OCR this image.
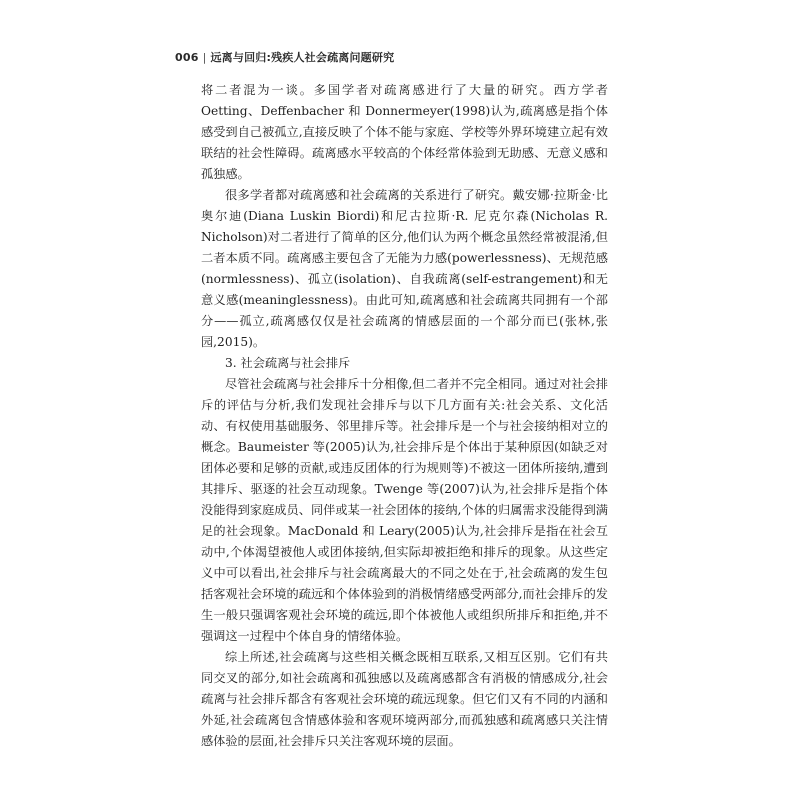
006 | 远离与回归:残疾人社会疏离问题研究

将二者混为一谈。多国学者对疏离感进行了大量的研究。西方学者 Oetting、Deffenbacher 和 Donnermeyer(1998)认为,疏离感是指个体感受到自己被孤立,直接反映了个体不能与家庭、学校等外界环境建立起有效联结的社会性障碍。疏离感水平较高的个体经常体验到无助感、无意义感和孤独感。

很多学者都对疏离感和社会疏离的关系进行了研究。戴安娜·拉斯金·比奥尔迪(Diana Luskin Biordi)和尼古拉斯·R. 尼克尔森(Nicholas R. Nicholson)对二者进行了简单的区分,他们认为两个概念虽然经常被混淆,但二者本质不同。疏离感主要包含了无能为力感(powerlessness)、无规范感(normlessness)、孤立(isolation)、自我疏离(self-estrangement)和无意义感(meaninglessness)。由此可知,疏离感和社会疏离共同拥有一个部分——孤立,疏离感仅仅是社会疏离的情感层面的一个部分而已(张林,张园,2015)。

3. 社会疏离与社会排斥

尽管社会疏离与社会排斥十分相像,但二者并不完全相同。通过对社会排斥的评估与分析,我们发现社会排斥与以下几方面有关:社会关系、文化活动、有权使用基础服务、邻里排斥等。社会排斥是一个与社会接纳相对立的概念。Baumeister 等(2005)认为,社会排斥是个体出于某种原因(如缺乏对团体必要和足够的贡献,或违反团体的行为规则等)不被这一团体所接纳,遭到其排斥、驱逐的社会互动现象。Twenge 等(2007)认为,社会排斥是指个体没能得到家庭成员、同伴或某一社会团体的接纳,个体的归属需求没能得到满足的社会现象。MacDonald 和 Leary(2005)认为,社会排斥是指在社会互动中,个体渴望被他人或团体接纳,但实际却被拒绝和排斥的现象。从这些定义中可以看出,社会排斥与社会疏离最大的不同之处在于,社会疏离的发生包括客观社会环境的疏远和个体体验到的消极情绪感受两部分,而社会排斥的发生一般只强调客观社会环境的疏远,即个体被他人或组织所排斥和拒绝,并不强调这一过程中个体自身的情绪体验。

综上所述,社会疏离与这些相关概念既相互联系,又相互区别。它们有共同交叉的部分,如社会疏离和孤独感以及疏离感都含有消极的情感成分,社会疏离与社会排斥都含有客观社会环境的疏远现象。但它们又有不同的内涵和外延,社会疏离包含情感体验和客观环境两部分,而孤独感和疏离感只关注情感体验的层面,社会排斥只关注客观环境的层面。
